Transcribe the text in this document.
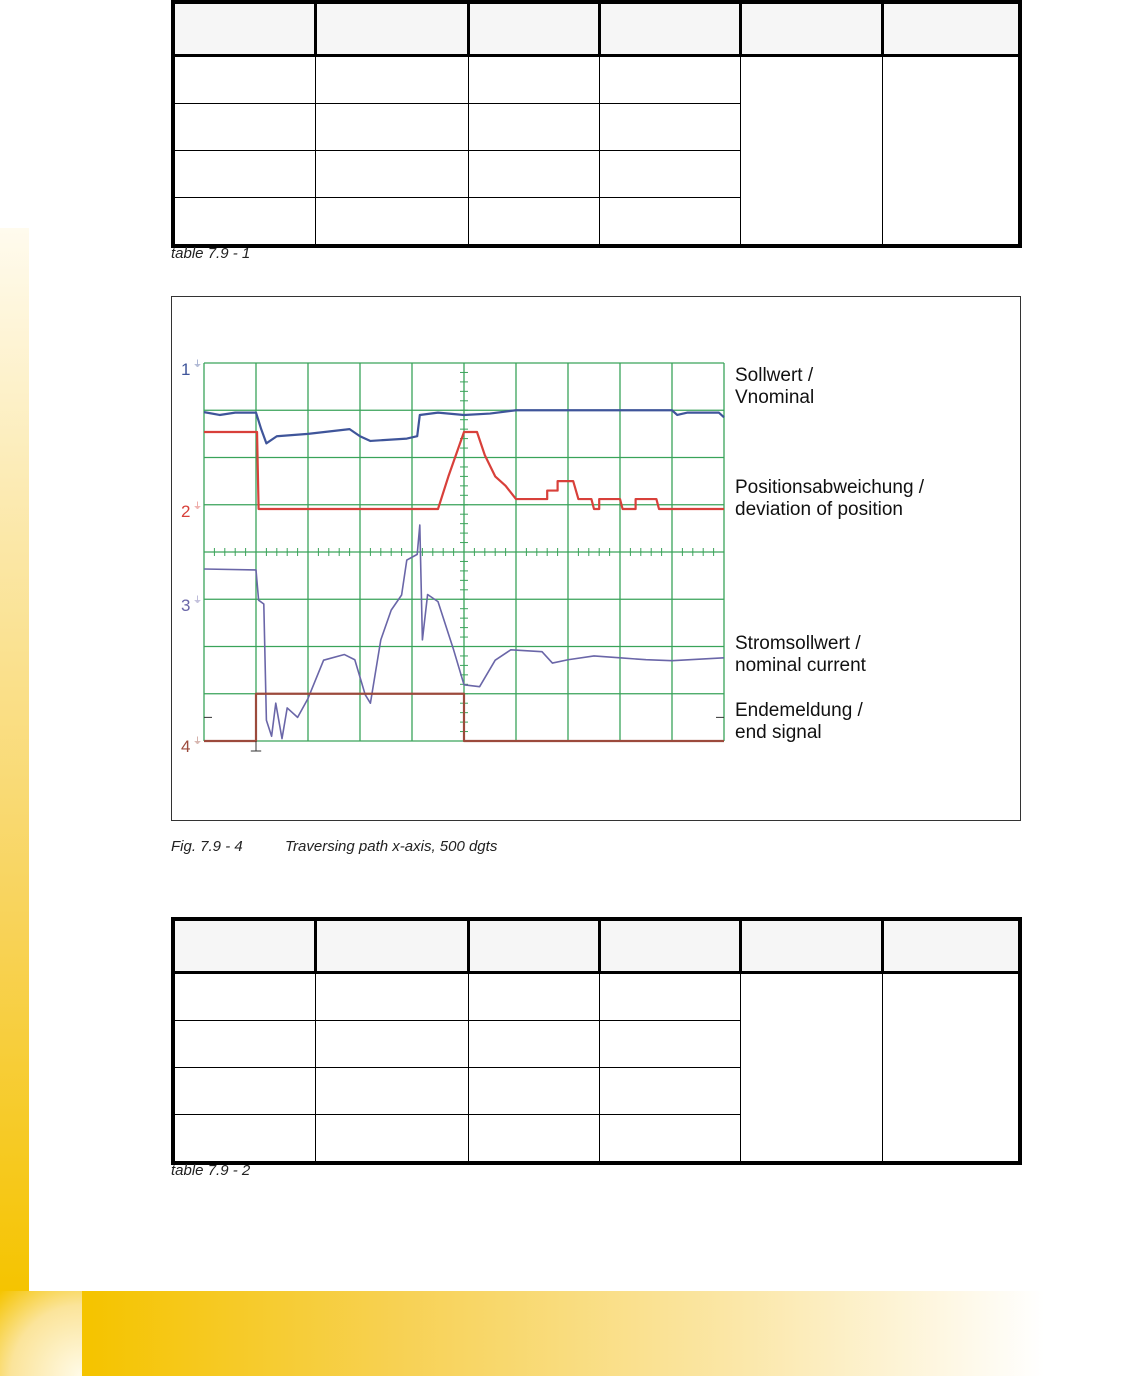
table 7.9 - 1
1 ⏚
2 ⏚
3 ⏚
4 ⏚
Sollwert /
Vnominal
Positionsabweichung /
deviation of position
Stromsollwert /
nominal current
Endemeldung /
end signal
Fig. 7.9 - 4	Traversing path x-axis, 500 dgts

table 7.9 - 2
